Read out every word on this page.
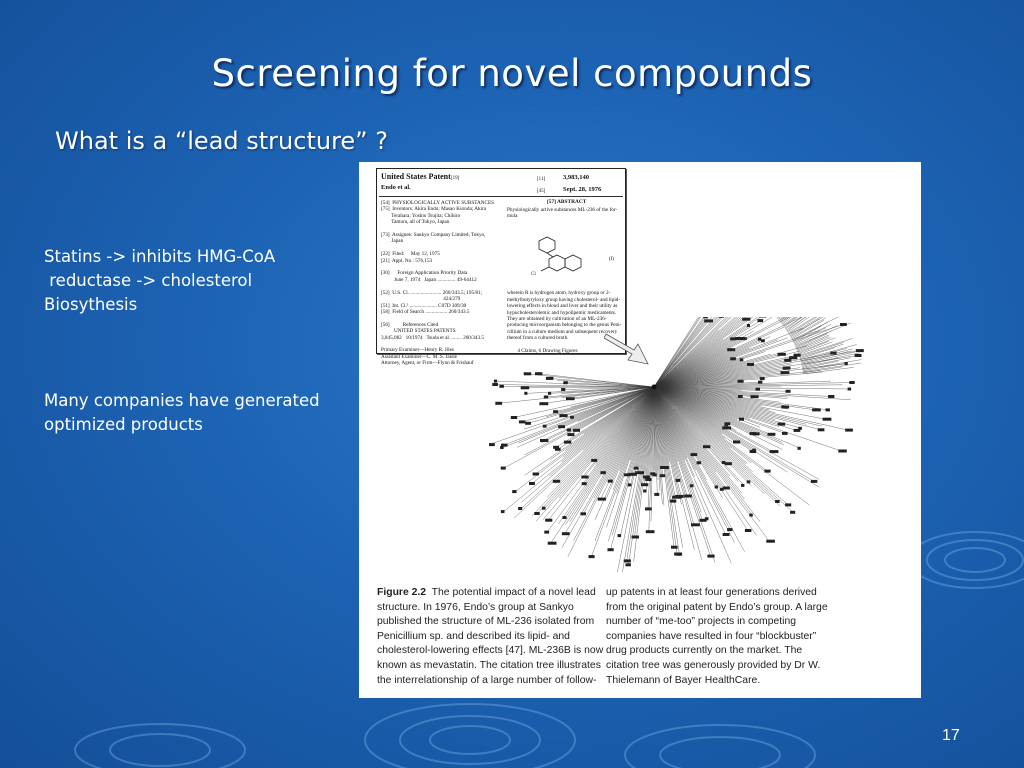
Screening for novel compounds
What is a “lead structure” ?
Statins -> inhibits HMG-CoA
reductase -> cholesterol
Biosythesis
Many companies have generated
optimized products
United States Patent [19]
Endo et al.
[11]	3,983,140
[45]	Sept. 28, 1976
[54]  PHYSIOLOGICALLY ACTIVE SUBSTANCES
[75]  Inventors: Akira Endo; Masao Kuroda; Akira
Terahara; Yoshio Tsujita; Chihiro
Tamura, all of Tokyo, Japan

[73]  Assignee: Sankyo Company Limited, Tokyo,
Japan

[22]  Filed:     May 12, 1975
[21]  Appl. No.: 576,153

[30]      Foreign Application Priority Data
June 7, 1974   Japan .............. 49-64412

[52]  U.S. Cl. ........................ 260/343.5; 195/81;
424/279
[51]  Int. Cl.² ..................... C07D 309/30
[58]  Field of Search ................. 260/343.5

[56]          References Cited
UNITED STATES PATENTS
3,845,082   10/1974   Tsuda et al. ........ 260/343.5

Primary Examiner—Henry R. Jiles
Assistant Examiner—C. M. S. Jaisle
Attorney, Agent, or Firm—Flynn & Frishauf
[57] ABSTRACT
Physiologically active substances ML-236 of the for-
mula

wherein R is hydrogen atom, hydroxy group or 2-
methylbutyryloxy group having cholesterol- and lipid-
lowering effects in blood and liver and their utility as
hypocholesterolemic and hypolipemic medicaments.
They are obtained by cultivation of an ML-236-
producing microorganism belonging to the genus Peni-
cillium in a culture medium and subsequent recovery
thereof from a cultured broth.

4 Claims, 6 Drawing Figures
Cl
(I)
Figure 2.2  The potential impact of a novel lead
structure. In 1976, Endo’s group at Sankyo
published the structure of ML-236 isolated from
Penicillium sp. and described its lipid- and
cholesterol-lowering effects [47]. ML-236B is now
known as mevastatin. The citation tree illustrates
the interrelationship of a large number of follow-
up patents in at least four generations derived
from the original patent by Endo’s group. A large
number of “me-too” projects in competing
companies have resulted in four “blockbuster”
drug products currently on the market. The
citation tree was generously provided by Dr W.
Thielemann of Bayer HealthCare.
17
